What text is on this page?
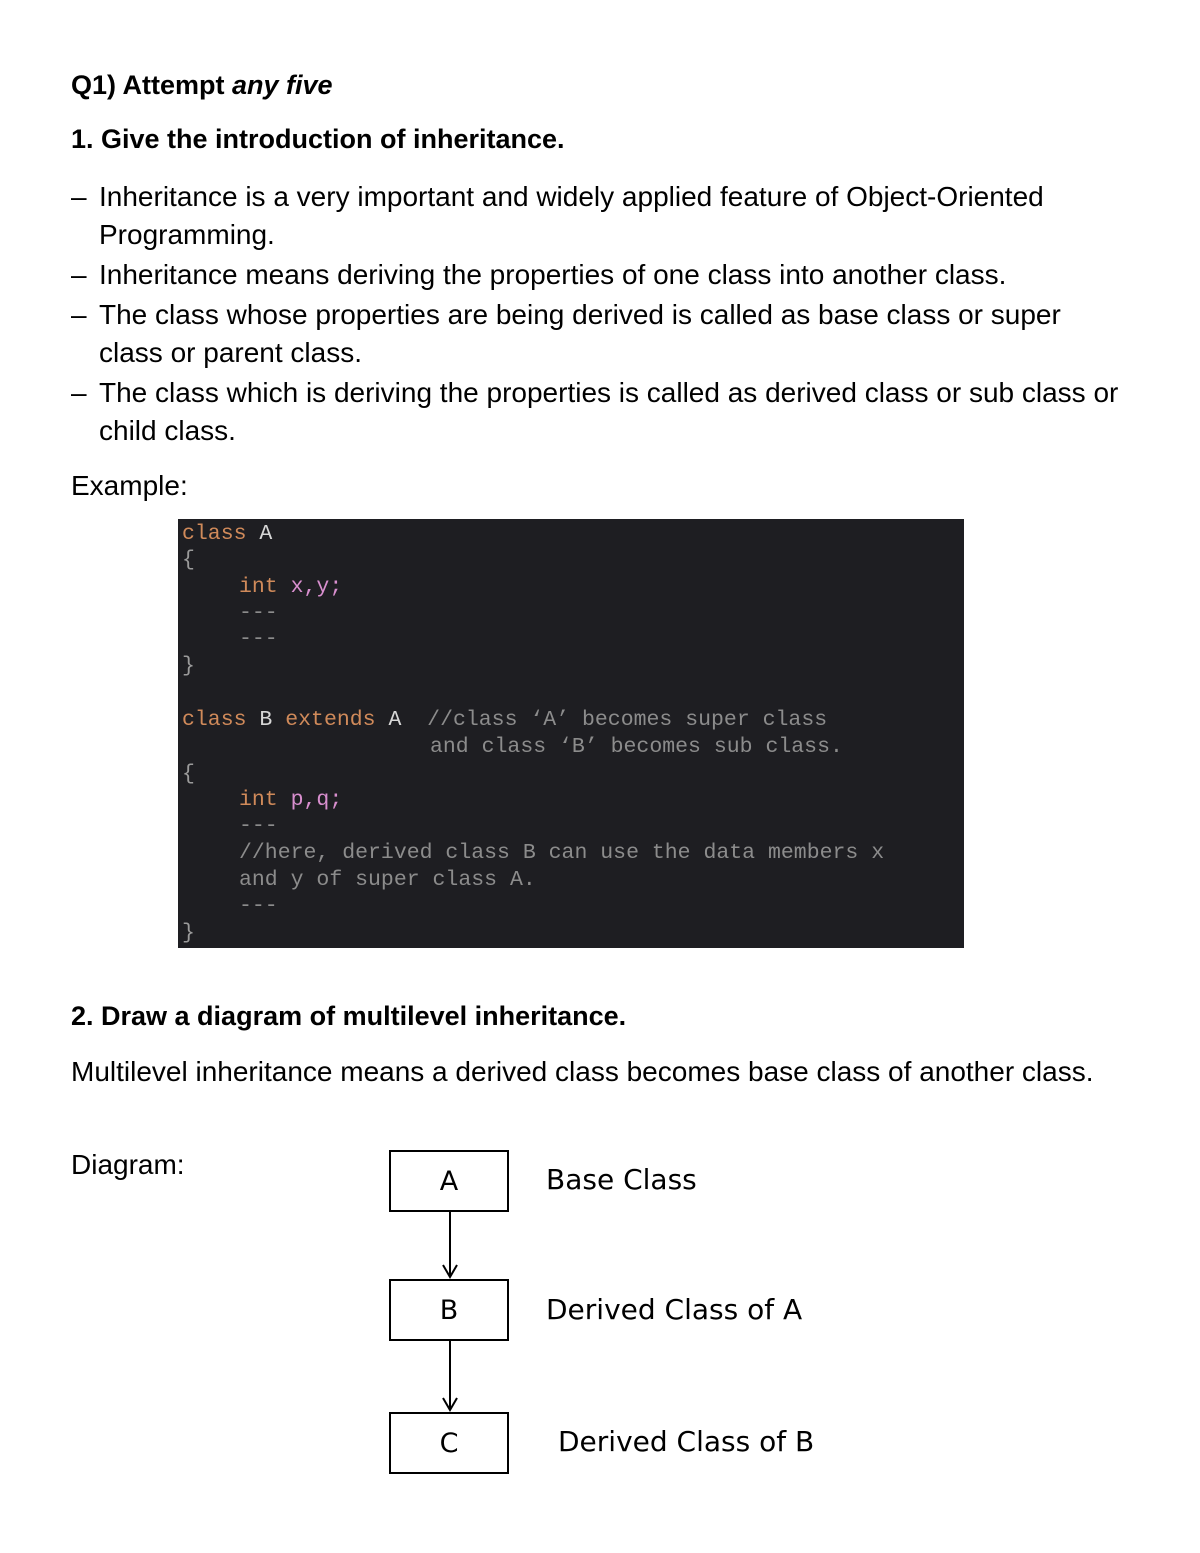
Q1) Attempt any five
1. Give the introduction of inheritance.
– Inheritance is a very important and widely applied feature of Object-Oriented Programming.
– Inheritance means deriving the properties of one class into another class.
– The class whose properties are being derived is called as base class or super class or parent class.
– The class which is deriving the properties is called as derived class or sub class or child class.
Example:
class A
{
int x,y;
---
---
}
class B extends A  //class ‘A’ becomes super class
and class ‘B’ becomes sub class.
{
int p,q;
---
//here, derived class B can use the data members x
and y of super class A.
---
}
2. Draw a diagram of multilevel inheritance.
Multilevel inheritance means a derived class becomes base class of another class.
Diagram:
A
B
C
Base Class
Derived Class of A
Derived Class of B
